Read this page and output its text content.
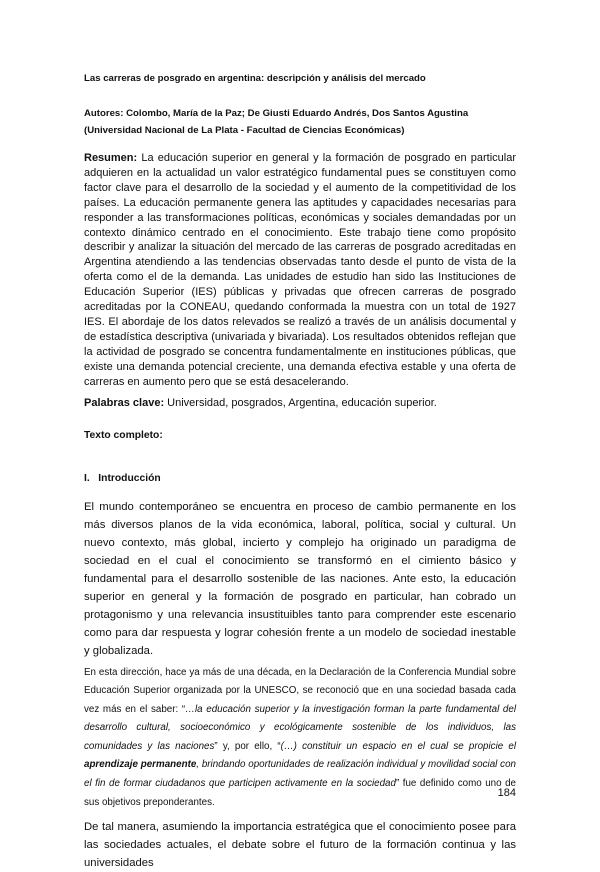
Las carreras de posgrado en argentina: descripción y análisis del mercado

Autores: Colombo, María de la Paz; De Giusti Eduardo Andrés, Dos Santos Agustina
(Universidad Nacional de La Plata - Facultad de Ciencias Económicas)

Resumen: La educación superior en general y la formación de posgrado en particular adquieren en la actualidad un valor estratégico fundamental pues se constituyen como factor clave para el desarrollo de la sociedad y el aumento de la competitividad de los países. La educación permanente genera las aptitudes y capacidades necesarias para responder a las transformaciones políticas, económicas y sociales demandadas por un contexto dinámico centrado en el conocimiento. Este trabajo tiene como propósito describir y analizar la situación del mercado de las carreras de posgrado acreditadas en Argentina atendiendo a las tendencias observadas tanto desde el punto de vista de la oferta como el de la demanda. Las unidades de estudio han sido las Instituciones de Educación Superior (IES) públicas y privadas que ofrecen carreras de posgrado acreditadas por la CONEAU, quedando conformada la muestra con un total de 1927 IES. El abordaje de los datos relevados se realizó a través de un análisis documental y de estadística descriptiva (univariada y bivariada). Los resultados obtenidos reflejan que la actividad de posgrado se concentra fundamentalmente en instituciones públicas, que existe una demanda potencial creciente, una demanda efectiva estable y una oferta de carreras en aumento pero que se está desacelerando.

Palabras clave: Universidad, posgrados, Argentina, educación superior.

Texto completo:

I.   Introducción

El mundo contemporáneo se encuentra en proceso de cambio permanente en los más diversos planos de la vida económica, laboral, política, social y cultural. Un nuevo contexto, más global, incierto y complejo ha originado un paradigma de sociedad en el cual el conocimiento se transformó en el cimiento básico y fundamental para el desarrollo sostenible de las naciones. Ante esto, la educación superior en general y la formación de posgrado en particular, han cobrado un protagonismo y una relevancia insustituibles tanto para comprender este escenario como para dar respuesta y lograr cohesión frente a un modelo de sociedad inestable y globalizada.

En esta dirección, hace ya más de una década, en la Declaración de la Conferencia Mundial sobre Educación Superior organizada por la UNESCO, se reconoció que en una sociedad basada cada vez más en el saber: “…la educación superior y la investigación forman la parte fundamental del desarrollo cultural, socioeconómico y ecológicamente sostenible de los individuos, las comunidades y las naciones” y, por ello, “(…) constituir un espacio en el cual se propicie el aprendizaje permanente, brindando oportunidades de realización individual y movilidad social con el fin de formar ciudadanos que participen activamente en la sociedad” fue definido como uno de sus objetivos preponderantes.

De tal manera, asumiendo la importancia estratégica que el conocimiento posee para las sociedades actuales, el debate sobre el futuro de la formación continua y las universidades

184
